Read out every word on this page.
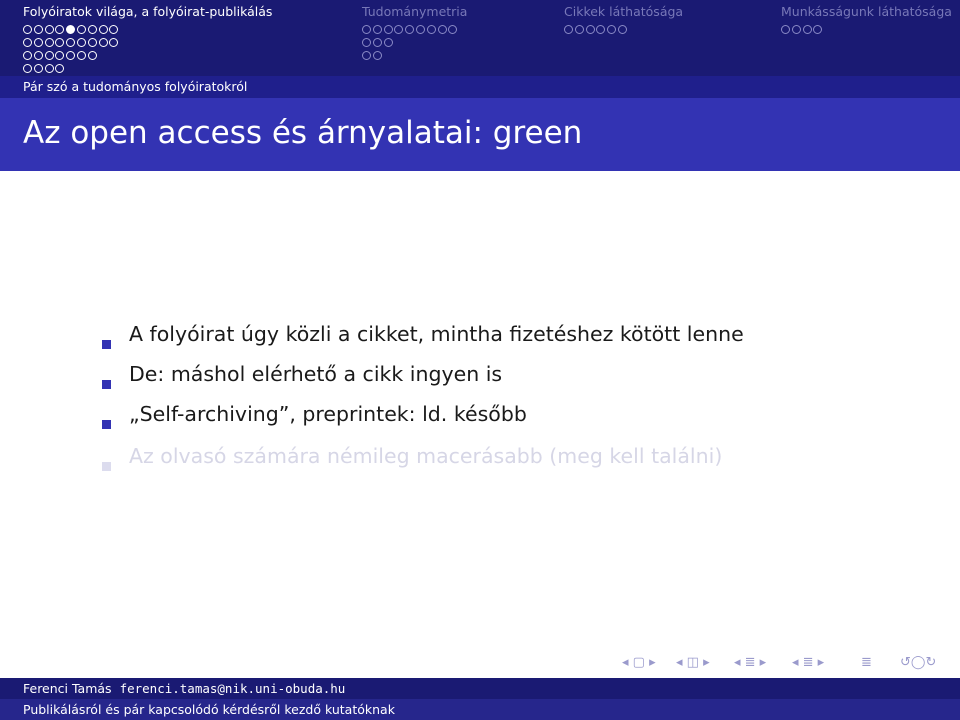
Folyóiratok világa, a folyóirat-publikálás	Tudománymetria	Cikkek láthatósága	Munkásságunk láthatósága
Pár szó a tudományos folyóiratokról
Az open access és árnyalatai: green
A folyóirat úgy közli a cikket, mintha fizetéshez kötött lenne
De: máshol elérhető a cikk ingyen is
„Self-archiving”, preprintek: ld. később
Az olvasó számára némileg macerásabb (meg kell találni)
◂ ▢ ▸ ◂ ◫ ▸ ◂ ≣ ▸ ◂ ≣ ▸	≣ ↺◯↻
Ferenci Tamás ferenci.tamas@nik.uni-obuda.hu
Publikálásról és pár kapcsolódó kérdésről kezdő kutatóknak
